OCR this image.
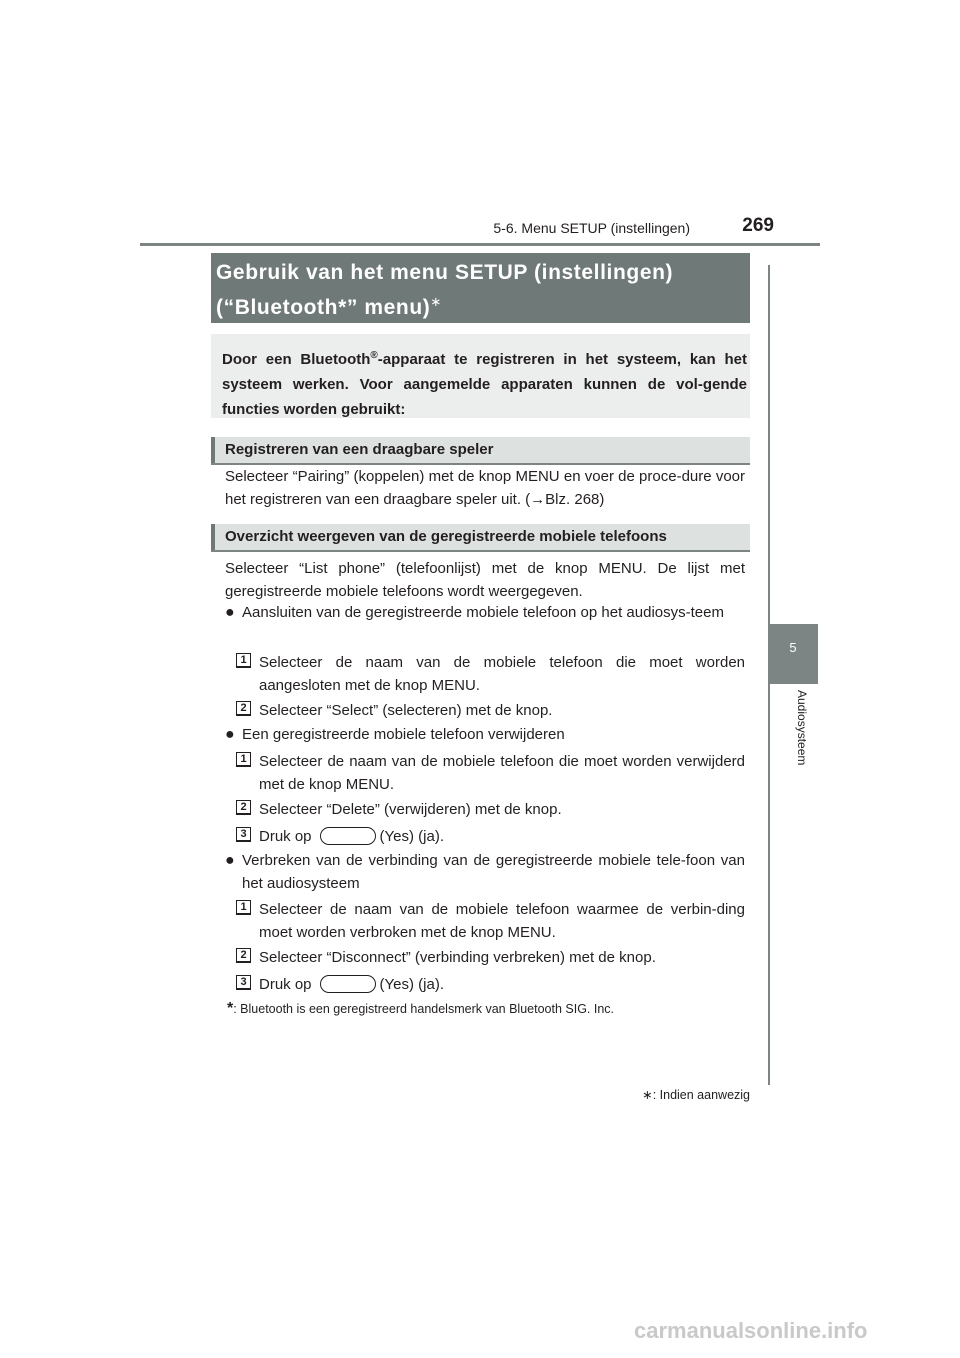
5-6. Menu SETUP (instellingen)	269
5
Audiosysteem
Gebruik van het menu SETUP (instellingen)
(“Bluetooth*” menu)∗
Door een Bluetooth®-apparaat te registreren in het systeem, kan het systeem werken. Voor aangemelde apparaten kunnen de vol-gende functies worden gebruikt:
Registreren van een draagbare speler
Selecteer “Pairing” (koppelen) met de knop MENU en voer de proce-dure voor het registreren van een draagbare speler uit. (→Blz. 268)
Overzicht weergeven van de geregistreerde mobiele telefoons
Selecteer “List phone” (telefoonlijst) met de knop MENU. De lijst met geregistreerde mobiele telefoons wordt weergegeven.
● Aansluiten van de geregistreerde mobiele telefoon op het audiosys-teem
1 Selecteer de naam van de mobiele telefoon die moet worden aangesloten met de knop MENU.
2 Selecteer “Select” (selecteren) met de knop.
● Een geregistreerde mobiele telefoon verwijderen
1 Selecteer de naam van de mobiele telefoon die moet worden verwijderd met de knop MENU.
2 Selecteer “Delete” (verwijderen) met de knop.
3 Druk op	(Yes) (ja).
● Verbreken van de verbinding van de geregistreerde mobiele tele-foon van het audiosysteem
1 Selecteer de naam van de mobiele telefoon waarmee de verbin-ding moet worden verbroken met de knop MENU.
2 Selecteer “Disconnect” (verbinding verbreken) met de knop.
3 Druk op	(Yes) (ja).
*: Bluetooth is een geregistreerd handelsmerk van Bluetooth SIG. Inc.
∗: Indien aanwezig
carmanualsonline.info
